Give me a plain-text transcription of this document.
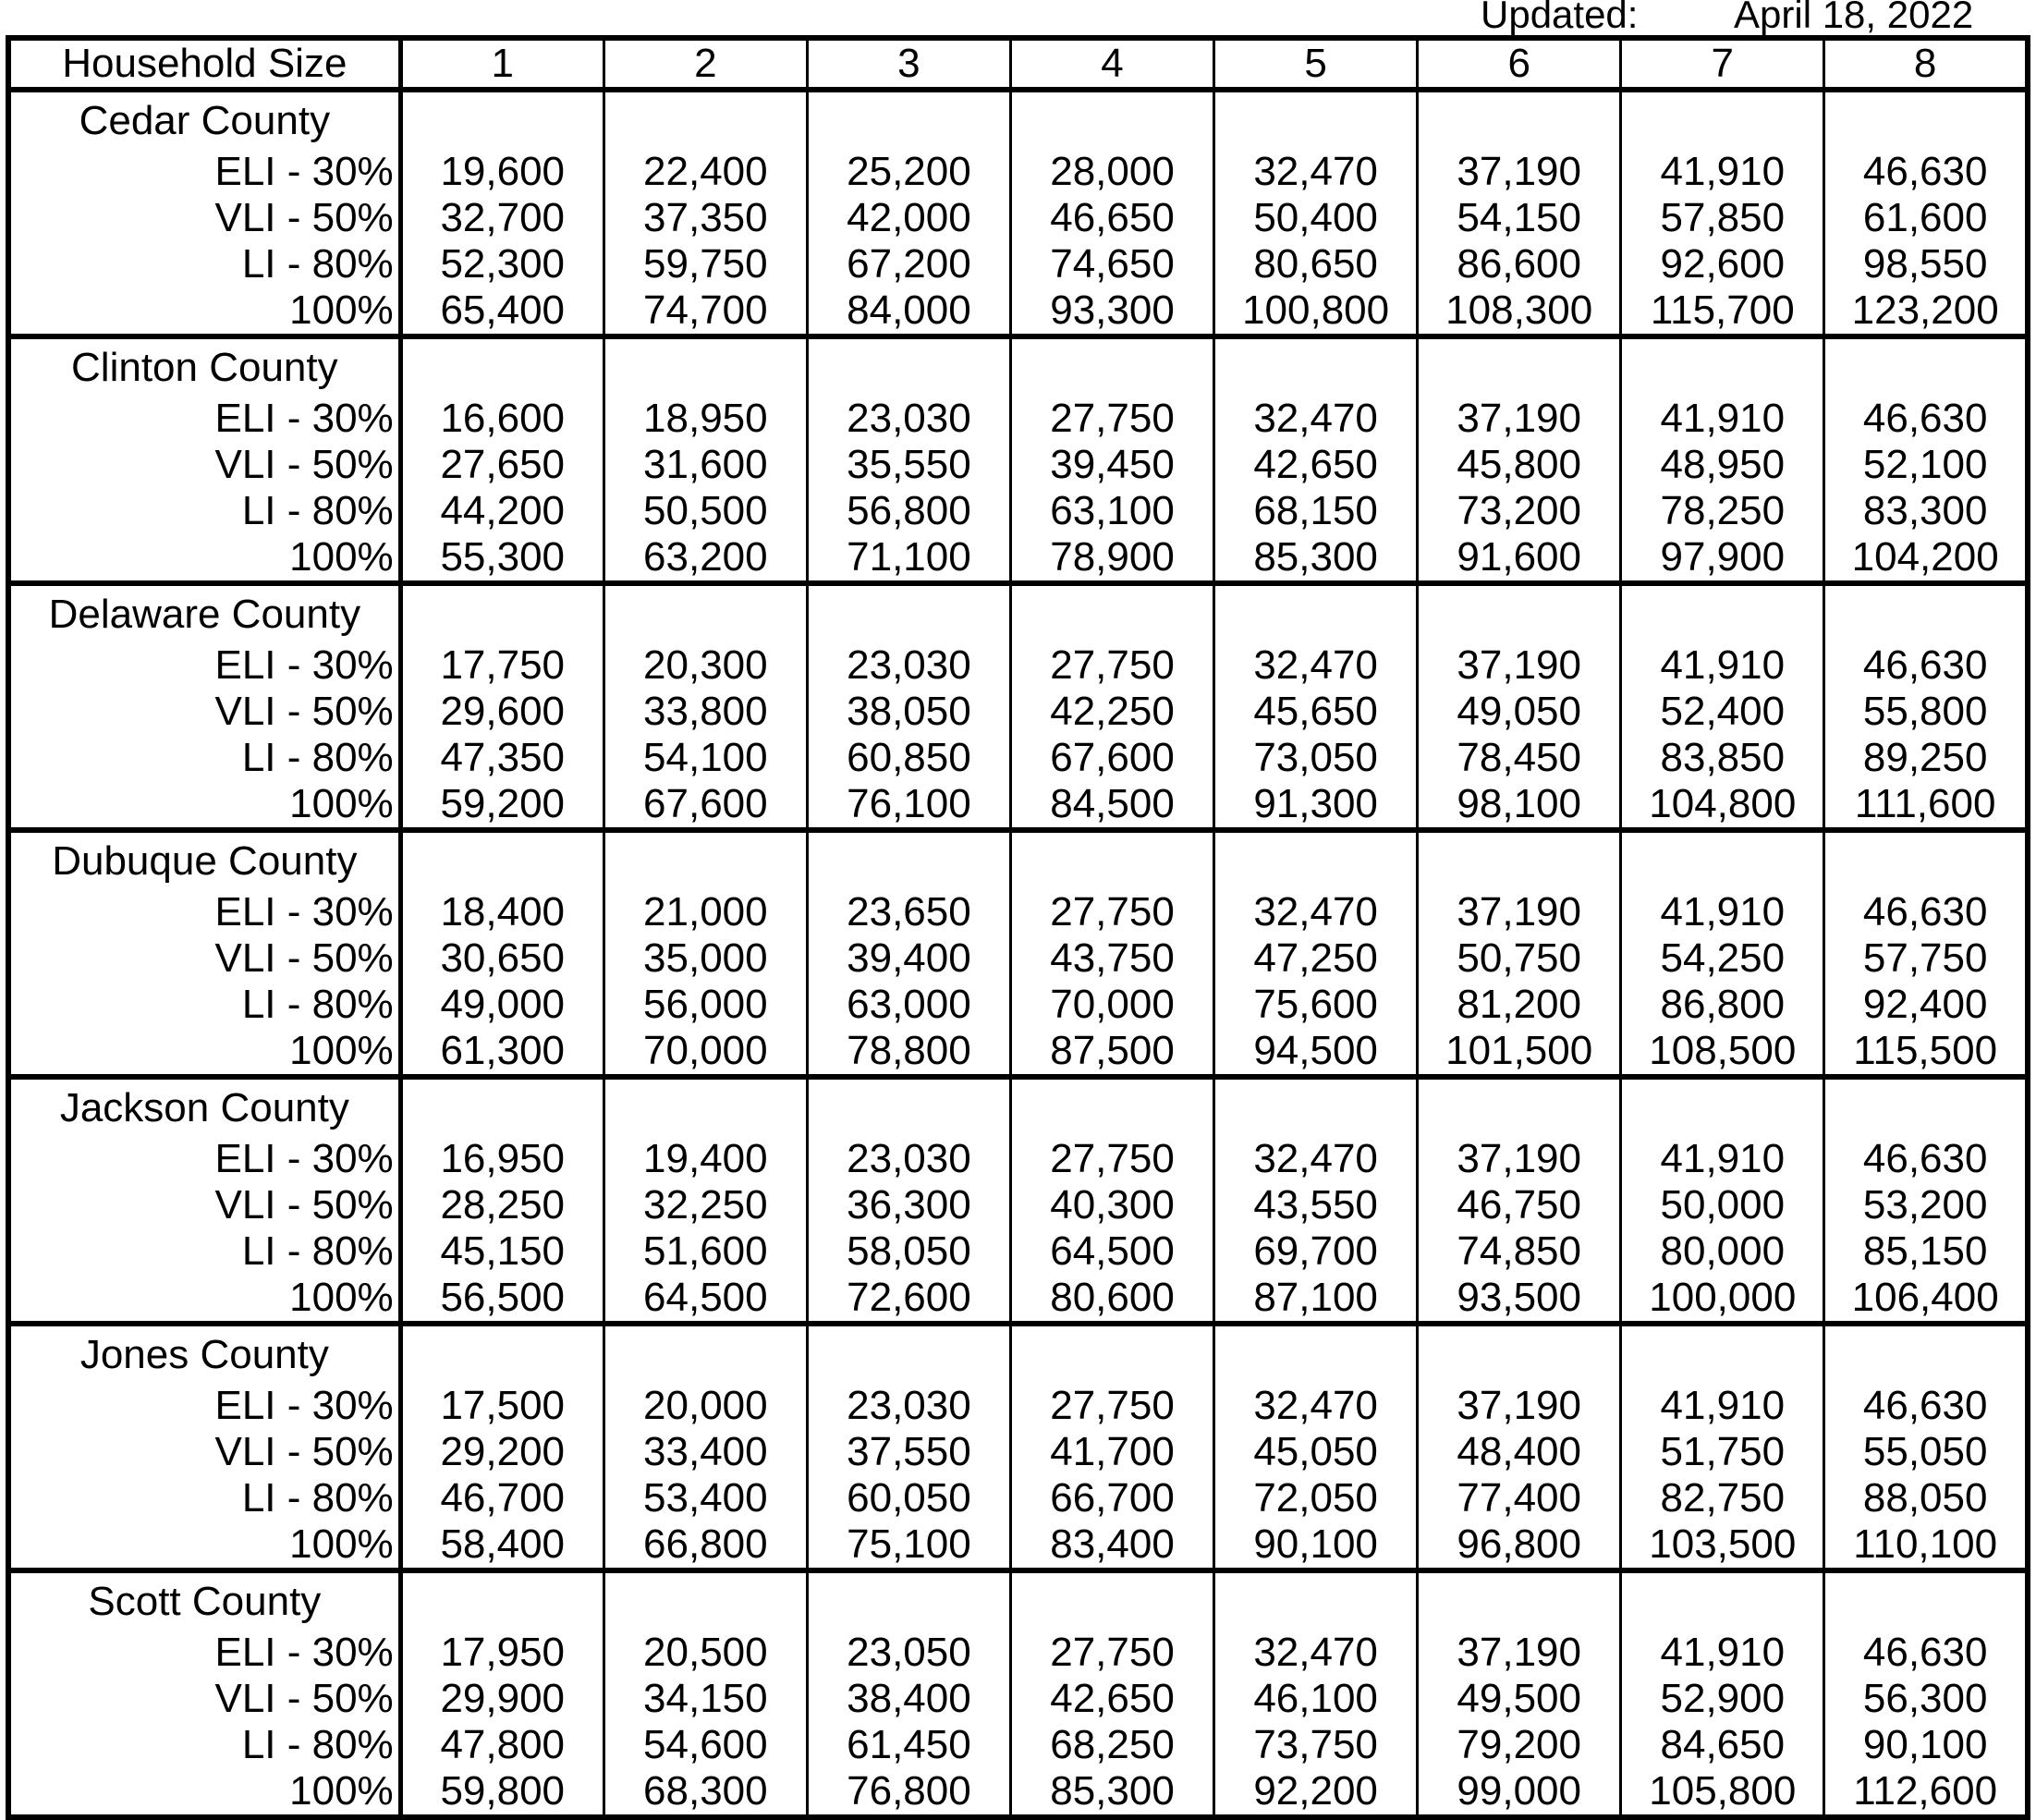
Updated: April 18, 2022
Household Size	1	2	3	4	5	6	7	8
Cedar County								
ELI - 30%	19,600	22,400	25,200	28,000	32,470	37,190	41,910	46,630
VLI - 50%	32,700	37,350	42,000	46,650	50,400	54,150	57,850	61,600
LI - 80%	52,300	59,750	67,200	74,650	80,650	86,600	92,600	98,550
100%	65,400	74,700	84,000	93,300	100,800	108,300	115,700	123,200
Clinton County								
ELI - 30%	16,600	18,950	23,030	27,750	32,470	37,190	41,910	46,630
VLI - 50%	27,650	31,600	35,550	39,450	42,650	45,800	48,950	52,100
LI - 80%	44,200	50,500	56,800	63,100	68,150	73,200	78,250	83,300
100%	55,300	63,200	71,100	78,900	85,300	91,600	97,900	104,200
Delaware County								
ELI - 30%	17,750	20,300	23,030	27,750	32,470	37,190	41,910	46,630
VLI - 50%	29,600	33,800	38,050	42,250	45,650	49,050	52,400	55,800
LI - 80%	47,350	54,100	60,850	67,600	73,050	78,450	83,850	89,250
100%	59,200	67,600	76,100	84,500	91,300	98,100	104,800	111,600
Dubuque County								
ELI - 30%	18,400	21,000	23,650	27,750	32,470	37,190	41,910	46,630
VLI - 50%	30,650	35,000	39,400	43,750	47,250	50,750	54,250	57,750
LI - 80%	49,000	56,000	63,000	70,000	75,600	81,200	86,800	92,400
100%	61,300	70,000	78,800	87,500	94,500	101,500	108,500	115,500
Jackson County								
ELI - 30%	16,950	19,400	23,030	27,750	32,470	37,190	41,910	46,630
VLI - 50%	28,250	32,250	36,300	40,300	43,550	46,750	50,000	53,200
LI - 80%	45,150	51,600	58,050	64,500	69,700	74,850	80,000	85,150
100%	56,500	64,500	72,600	80,600	87,100	93,500	100,000	106,400
Jones County								
ELI - 30%	17,500	20,000	23,030	27,750	32,470	37,190	41,910	46,630
VLI - 50%	29,200	33,400	37,550	41,700	45,050	48,400	51,750	55,050
LI - 80%	46,700	53,400	60,050	66,700	72,050	77,400	82,750	88,050
100%	58,400	66,800	75,100	83,400	90,100	96,800	103,500	110,100
Scott County								
ELI - 30%	17,950	20,500	23,050	27,750	32,470	37,190	41,910	46,630
VLI - 50%	29,900	34,150	38,400	42,650	46,100	49,500	52,900	56,300
LI - 80%	47,800	54,600	61,450	68,250	73,750	79,200	84,650	90,100
100%	59,800	68,300	76,800	85,300	92,200	99,000	105,800	112,600
